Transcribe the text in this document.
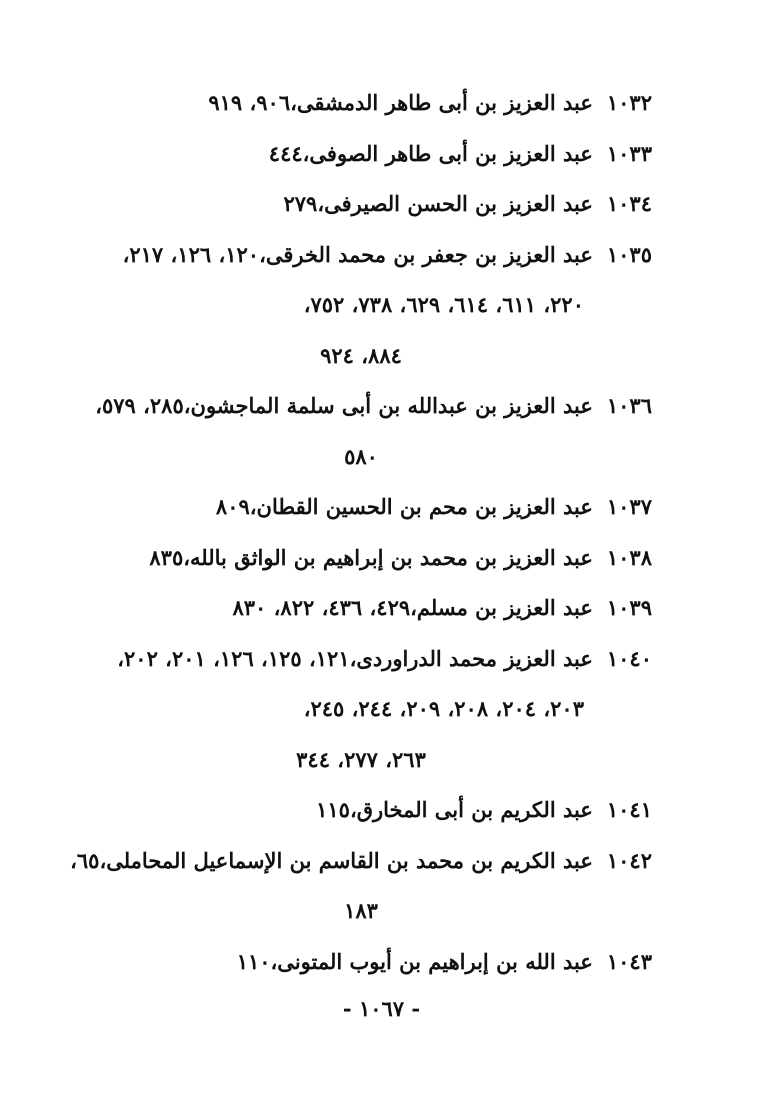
١٠٣٢عبد العزيز بن أبى طاهر الدمشقى،٩٠٦، ٩١٩
١٠٣٣عبد العزيز بن أبى طاهر الصوفى،٤٤٤
١٠٣٤عبد العزيز بن الحسن الصيرفى،٢٧٩
١٠٣٥عبد العزيز بن جعفر بن محمد الخرقى،١٢٠، ١٢٦، ٢١٧،
٢٢٠، ٦١١، ٦١٤، ٦٢٩، ٧٣٨، ٧٥٢،
٨٨٤، ٩٢٤
١٠٣٦عبد العزيز بن عبدالله بن أبى سلمة الماجشون،٢٨٥، ٥٧٩،
٥٨٠
١٠٣٧عبد العزيز بن محم بن الحسين القطان،٨٠٩
١٠٣٨عبد العزيز بن محمد بن إبراهيم بن الواثق بالله،٨٣٥
١٠٣٩عبد العزيز بن مسلم،٤٢٩، ٤٣٦، ٨٢٢، ٨٣٠
١٠٤٠عبد العزيز محمد الدراوردى،١٢١، ١٢٥، ١٢٦، ٢٠١، ٢٠٢،
٢٠٣، ٢٠٤، ٢٠٨، ٢٠٩، ٢٤٤، ٢٤٥،
٢٦٣، ٢٧٧، ٣٤٤
١٠٤١عبد الكريم بن أبى المخارق،١١٥
١٠٤٢عبد الكريم بن محمد بن القاسم بن الإسماعيل المحاملى،٦٥،
١٨٣
١٠٤٣عبد الله بن إبراهيم بن أيوب المتونى،١١٠
- ١٠٦٧ -
